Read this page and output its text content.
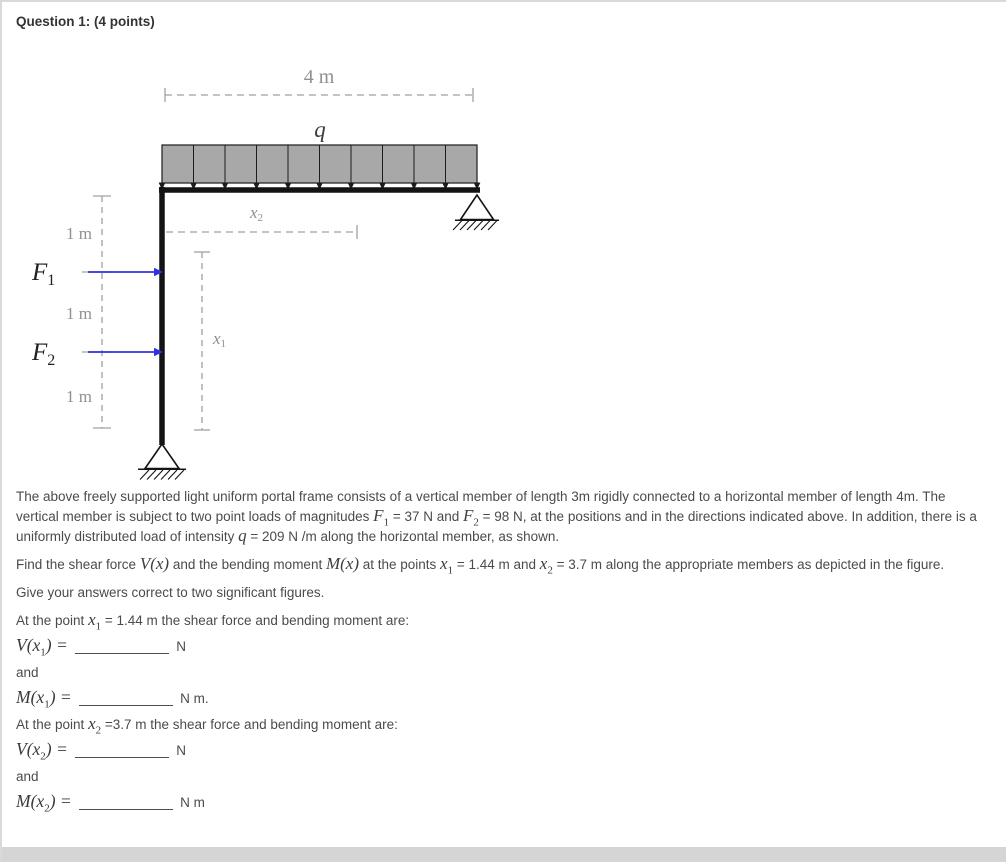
Question 1: (4 points)
4 m
q
x2
1 m
1 m
1 m
$F_1$
$F_2$
x1

The above freely supported light uniform portal frame consists of a vertical member of length 3m rigidly connected to a horizontal member of length 4m. The vertical member is subject to two point loads of magnitudes $F_1 = 37$ N and $F_2 = 98$ N, at the positions and in the directions indicated above. In addition, there is a uniformly distributed load of intensity q = 209 N /m along the horizontal member, as shown.

Find the shear force V(x) and the bending moment M(x) at the points $x_1 = 1.44$ m and $x_2 = 3.7$ m along the appropriate members as depicted in the figure.

Give your answers correct to two significant figures.

At the point $x_1 = 1.44$ m the shear force and bending moment are:

$V(x_1)$ =	N

and

$M(x_1)$ =	N m.

At the point $x_2 =3.7$ m the shear force and bending moment are:

$V(x_2)$ =	N

and

$M(x_2)$ =	N m
